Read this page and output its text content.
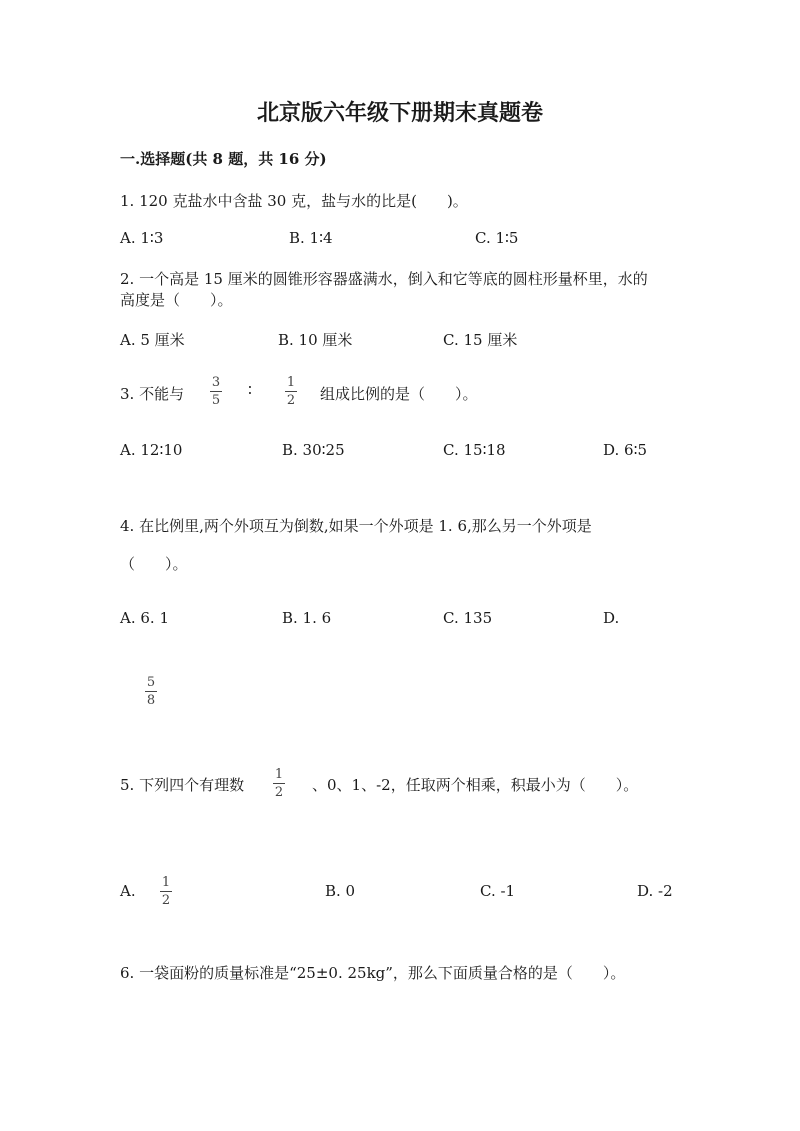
北京版六年级下册期末真题卷
一.选择题(共 8 题，共 16 分)
1. 120 克盐水中含盐 30 克，盐与水的比是(　　)。
A. 1∶3	B. 1∶4	C. 1∶5
2. 一个高是 15 厘米的圆锥形容器盛满水，倒入和它等底的圆柱形量杯里，水的
高度是（　　）。
A. 5 厘米	B. 10 厘米	C. 15 厘米
3. 不能与
3
5
∶	1
2 组成比例的是（　　）。
A. 12∶10	B. 30∶25	C. 15∶18	D. 6∶5
4. 在比例里,两个外项互为倒数,如果一个外项是 1. 6,那么另一个外项是
（　　）。
A. 6. 1	B. 1. 6	C. 135	D.
5
8
5. 下列四个有理数
1
2 、0、1、-2，任取两个相乘，积最小为（　　）。
A. 1
2
B. 0	C. -1	D. -2
6. 一袋面粉的质量标准是“25±0. 25kg”，那么下面质量合格的是（　　）。
